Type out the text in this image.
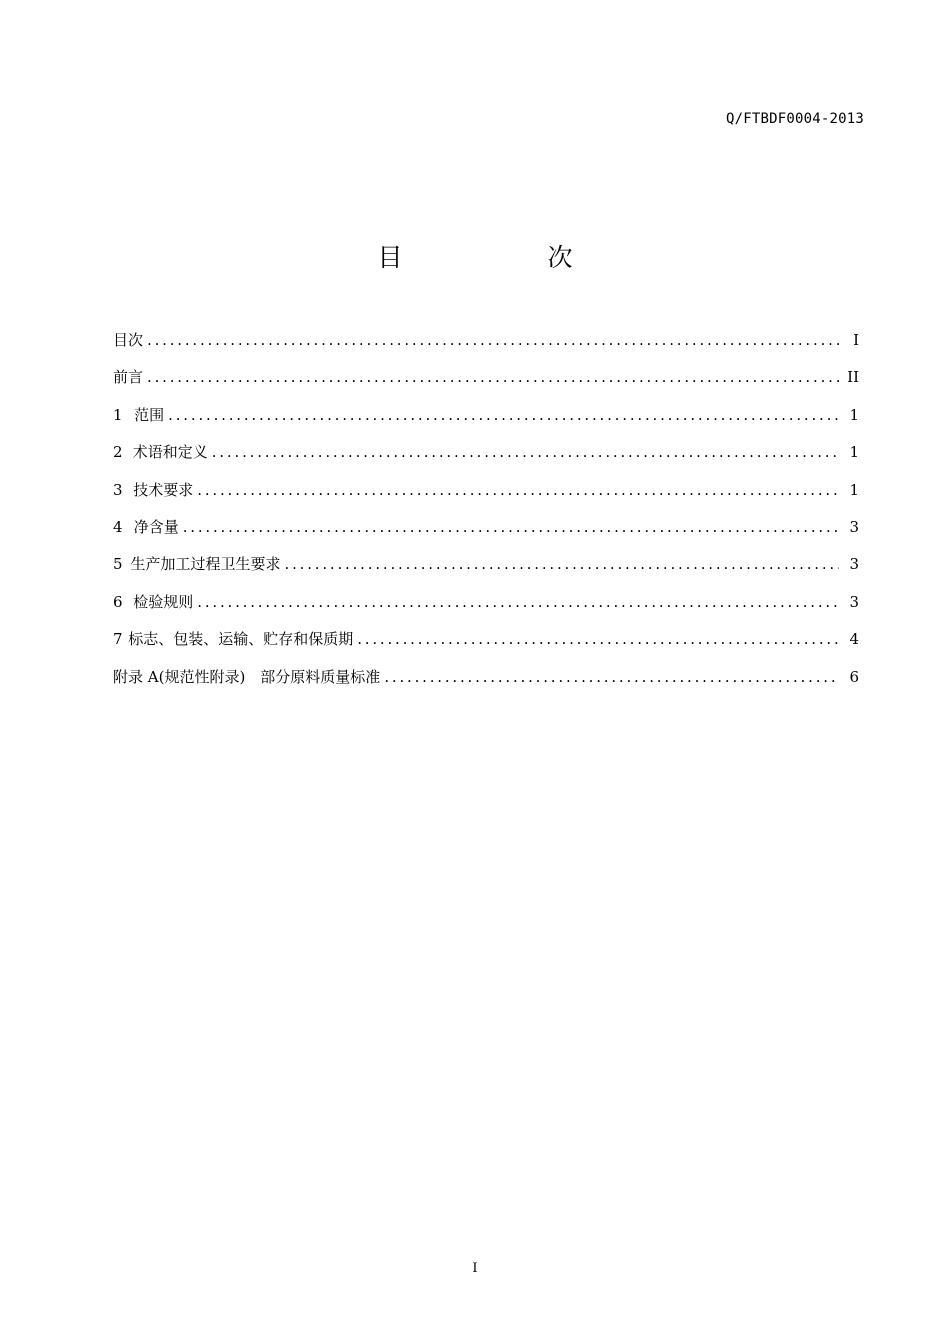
Q/FTBDF0004-2013
目　次
目次 .....	I
前言 .....	II
1 范围 .....	1
2 术语和定义 .....	1
3 技术要求 .....	1
4 净含量 .....	3
5 生产加工过程卫生要求 .....	3
6 检验规则 .....	3
7 标志、包装、运输、贮存和保质期 .....	4
附录 A(规范性附录)　部分原料质量标准 .....	6
I
